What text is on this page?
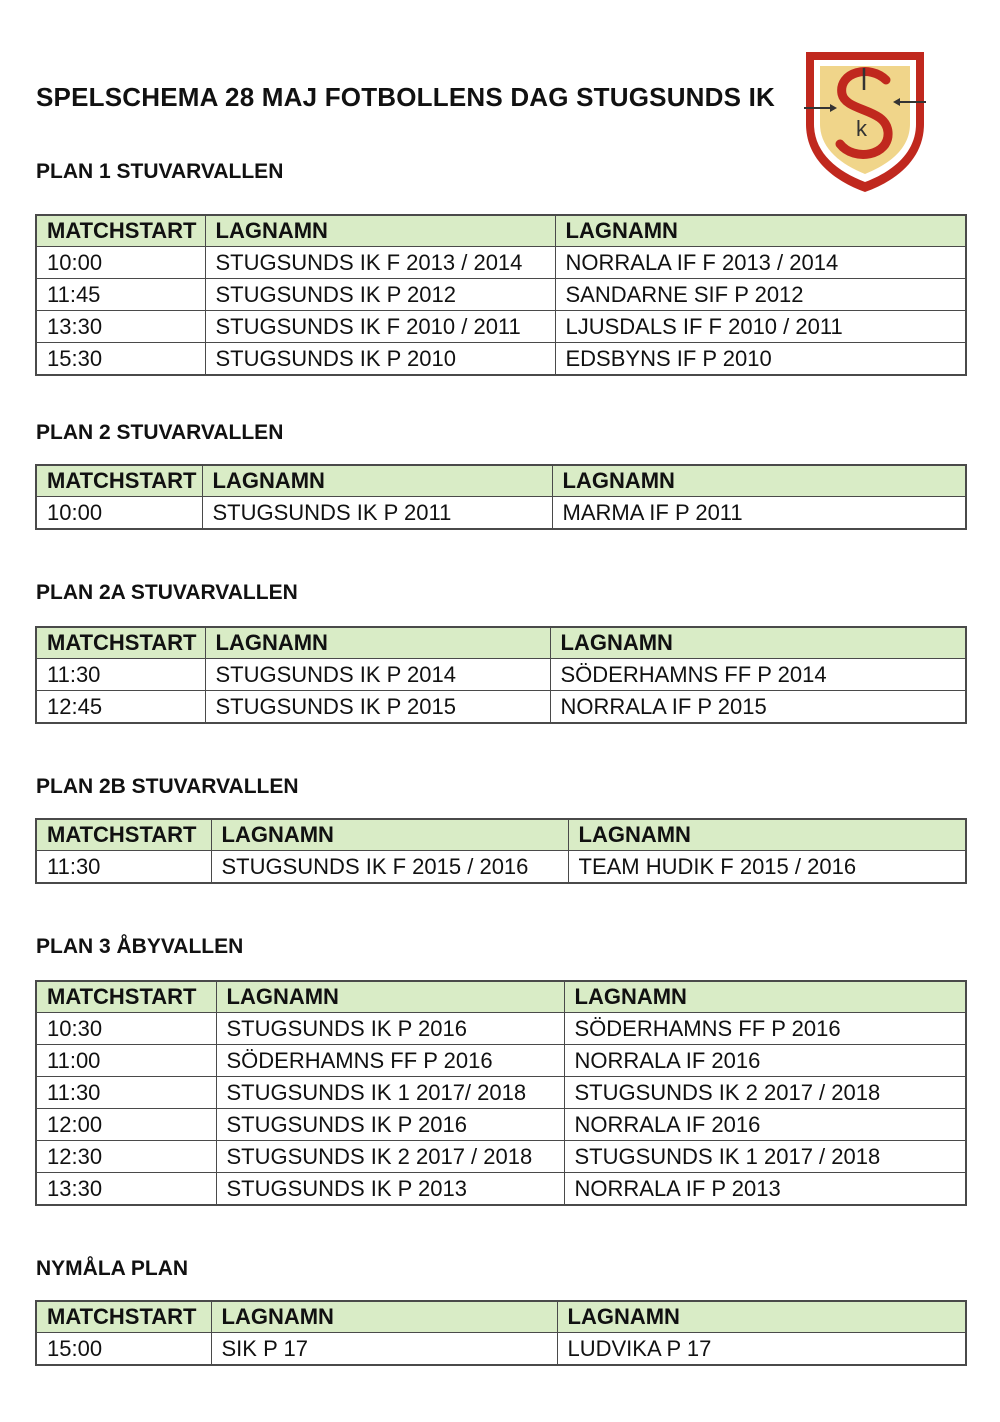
SPELSCHEMA 28 MAJ FOTBOLLENS DAG STUGSUNDS IK
k
PLAN 1 STUVARVALLEN
MATCHSTART	LAGNAMN	LAGNAMN
10:00	STUGSUNDS IK F 2013 / 2014	NORRALA IF F 2013 / 2014
11:45	STUGSUNDS IK P 2012	SANDARNE SIF P 2012
13:30	STUGSUNDS IK F 2010 / 2011	LJUSDALS IF F 2010 / 2011
15:30	STUGSUNDS IK P 2010	EDSBYNS IF P 2010
PLAN 2 STUVARVALLEN
MATCHSTART	LAGNAMN	LAGNAMN
10:00	STUGSUNDS IK P 2011	MARMA IF P 2011
PLAN 2A STUVARVALLEN
MATCHSTART	LAGNAMN	LAGNAMN
11:30	STUGSUNDS IK P 2014	SÖDERHAMNS FF P 2014
12:45	STUGSUNDS IK P 2015	NORRALA IF P 2015
PLAN 2B STUVARVALLEN
MATCHSTART	LAGNAMN	LAGNAMN
11:30	STUGSUNDS IK F 2015 / 2016	TEAM HUDIK F 2015 / 2016
PLAN 3 ÅBYVALLEN
MATCHSTART	LAGNAMN	LAGNAMN
10:30	STUGSUNDS IK P 2016	SÖDERHAMNS FF P 2016
11:00	SÖDERHAMNS FF P 2016	NORRALA IF 2016
11:30	STUGSUNDS IK 1 2017/ 2018	STUGSUNDS IK 2 2017 / 2018
12:00	STUGSUNDS IK P 2016	NORRALA IF 2016
12:30	STUGSUNDS IK 2 2017 / 2018	STUGSUNDS IK 1 2017 / 2018
13:30	STUGSUNDS IK P 2013	NORRALA IF P 2013
NYMÅLA PLAN
MATCHSTART	LAGNAMN	LAGNAMN
15:00	SIK P 17	LUDVIKA P 17
